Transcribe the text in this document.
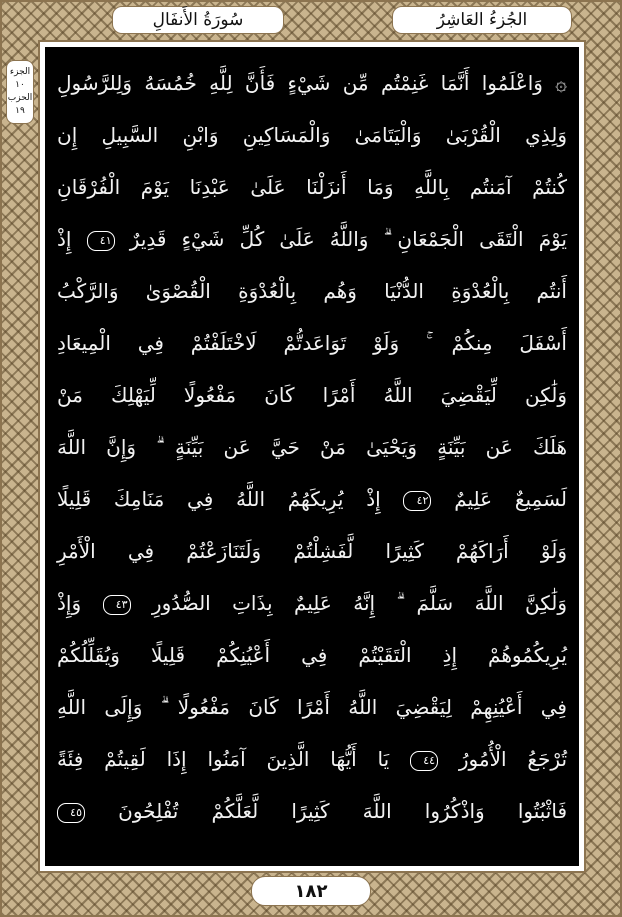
سُورَةُ الأَنفَالِ	الجُزءُ العَاشِرُ
الجزء ١٠
الحزب ١٩
۞ وَاعْلَمُوا أَنَّمَا غَنِمْتُم مِّن شَيْءٍ فَأَنَّ لِلَّهِ خُمُسَهُ وَلِلرَّسُولِ
وَلِذِي الْقُرْبَىٰ وَالْيَتَامَىٰ وَالْمَسَاكِينِ وَابْنِ السَّبِيلِ إِن
كُنتُمْ آمَنتُم بِاللَّهِ وَمَا أَنزَلْنَا عَلَىٰ عَبْدِنَا يَوْمَ الْفُرْقَانِ
يَوْمَ الْتَقَى الْجَمْعَانِ ۗ وَاللَّهُ عَلَىٰ كُلِّ شَيْءٍ قَدِيرٌ ٤١ إِذْ
أَنتُم بِالْعُدْوَةِ الدُّنْيَا وَهُم بِالْعُدْوَةِ الْقُصْوَىٰ وَالرَّكْبُ
أَسْفَلَ مِنكُمْ ۚ وَلَوْ تَوَاعَدتُّمْ لَاخْتَلَفْتُمْ فِي الْمِيعَادِ
وَلَٰكِن لِّيَقْضِيَ اللَّهُ أَمْرًا كَانَ مَفْعُولًا لِّيَهْلِكَ مَنْ
هَلَكَ عَن بَيِّنَةٍ وَيَحْيَىٰ مَنْ حَيَّ عَن بَيِّنَةٍ ۗ وَإِنَّ اللَّهَ
لَسَمِيعٌ عَلِيمٌ ٤٢ إِذْ يُرِيكَهُمُ اللَّهُ فِي مَنَامِكَ قَلِيلًا
وَلَوْ أَرَاكَهُمْ كَثِيرًا لَّفَشِلْتُمْ وَلَتَنَازَعْتُمْ فِي الْأَمْرِ
وَلَٰكِنَّ اللَّهَ سَلَّمَ ۗ إِنَّهُ عَلِيمٌ بِذَاتِ الصُّدُورِ ٤٣ وَإِذْ
يُرِيكُمُوهُمْ إِذِ الْتَقَيْتُمْ فِي أَعْيُنِكُمْ قَلِيلًا وَيُقَلِّلُكُمْ
فِي أَعْيُنِهِمْ لِيَقْضِيَ اللَّهُ أَمْرًا كَانَ مَفْعُولًا ۗ وَإِلَى اللَّهِ
تُرْجَعُ الْأُمُورُ ٤٤ يَا أَيُّهَا الَّذِينَ آمَنُوا إِذَا لَقِيتُمْ فِئَةً
فَاثْبُتُوا وَاذْكُرُوا اللَّهَ كَثِيرًا لَّعَلَّكُمْ تُفْلِحُونَ ٤٥
١٨٢
